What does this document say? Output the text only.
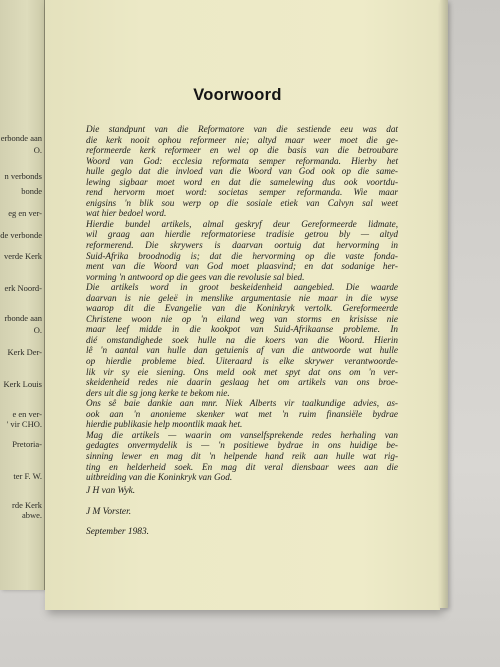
erbonde aan
O.
n verbonds
bonde
eg en ver-
de verbonde
verde Kerk
erk Noord-
rbonde aan
O.
Kerk Der-
Kerk Louis
e en ver-
' vir CHO.
Pretoria-
ter F. W.
rde Kerk
abwe.
Voorwoord
Die standpunt van die Reformatore van die sestiende eeu was dat
die kerk nooit ophou reformeer nie; altyd maar weer moet die ge-
reformeerde kerk reformeer en wel op die basis van die betroubare
Woord van God: ecclesia reformata semper reformanda. Hierby het
hulle geglo dat die invloed van die Woord van God ook op die same-
lewing sigbaar moet word en dat die samelewing dus ook voortdu-
rend hervorm moet word: societas semper reformanda. Wie maar
enigsins 'n blik sou werp op die sosiale etiek van Calvyn sal weet
wat hier bedoel word.
Hierdie bundel artikels, almal geskryf deur Gereformeerde lidmate,
wil graag aan hierdie reformatoriese tradisie getrou bly — altyd
reformerend. Die skrywers is daarvan oortuig dat hervorming in
Suid-Afrika broodnodig is; dat die hervorming op die vaste fonda-
ment van die Woord van God moet plaasvind; en dat sodanige her-
vorming 'n antwoord op die gees van die revolusie sal bied.
Die artikels word in groot beskeidenheid aangebied. Die waarde
daarvan is nie geleë in menslike argumentasie nie maar in die wyse
waarop dit die Evangelie van die Koninkryk vertolk. Gereformeerde
Christene woon nie op 'n eiland weg van storms en krisisse nie
maar leef midde in die kookpot van Suid-Afrikaanse probleme. In
dié omstandighede soek hulle na die koers van die Woord. Hierin
lê 'n aantal van hulle dan getuienis af van die antwoorde wat hulle
op hierdie probleme bied. Uiteraard is elke skrywer verantwoorde-
lik vir sy eie siening. Ons meld ook met spyt dat ons om 'n ver-
skeidenheid redes nie daarin geslaag het om artikels van ons broe-
ders uit die sg jong kerke te bekom nie.
Ons sê baie dankie aan mnr. Niek Alberts vir taalkundige advies, as-
ook aan 'n anonieme skenker wat met 'n ruim finansiële bydrae
hierdie publikasie help moontlik maak het.
Mag die artikels — waarin om vanselfsprekende redes herhaling van
gedagtes onvermydelik is — 'n positiewe bydrae in ons huidige be-
sinning lewer en mag dit 'n helpende hand reik aan hulle wat rig-
ting en helderheid soek. En mag dit veral diensbaar wees aan die
uitbreiding van die Koninkryk van God.
J H van Wyk.
J M Vorster.
September 1983.
